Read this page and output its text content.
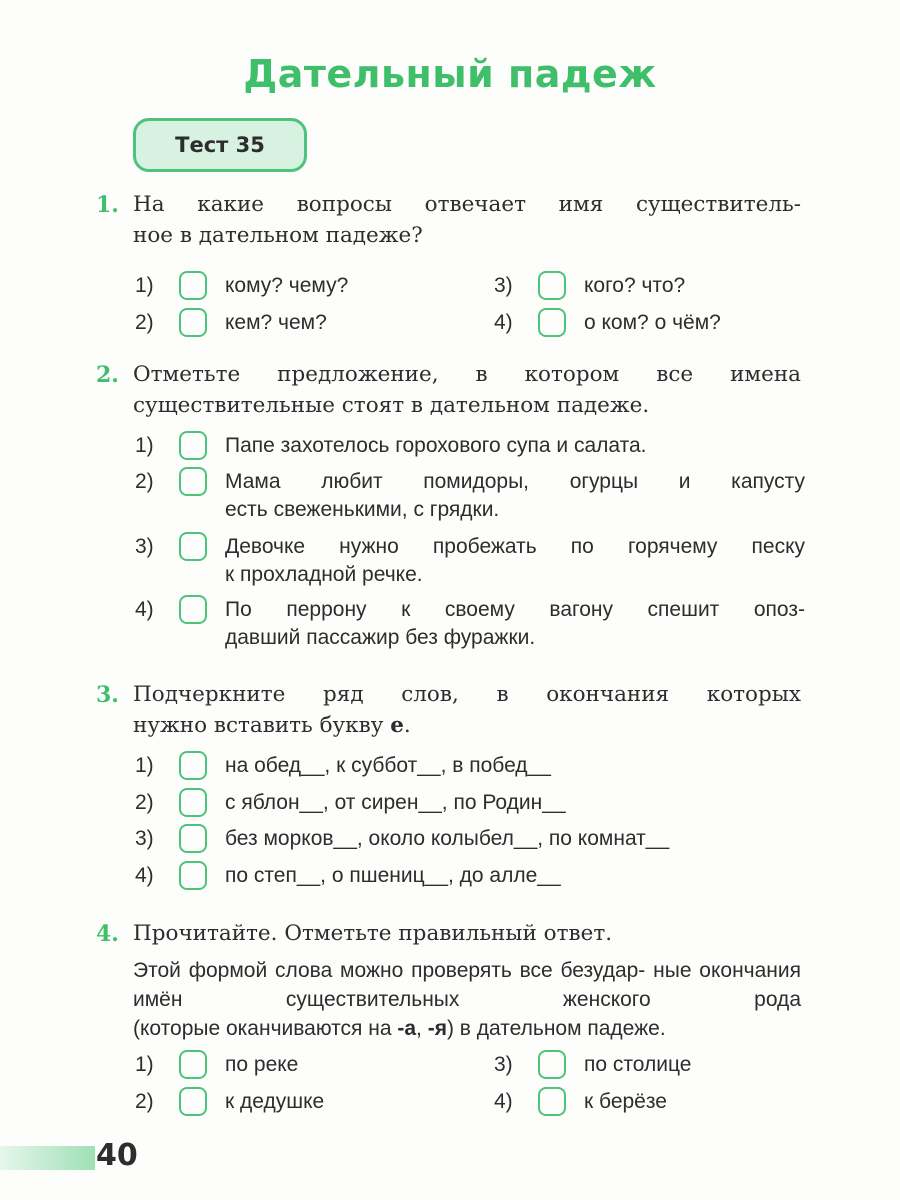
Дательный падеж
Тест 35
1. На какие вопросы отвечает имя существитель-
ное в дательном падеже?
1)	кому? чему?
2)	кем? чем?
3)	кого? что?
4)	о ком? о чём?
2. Отметьте предложение, в котором все имена
существительные стоят в дательном падеже.
1)	Папе захотелось горохового супа и салата.
2)	Мама любит помидоры, огурцы и капусту
есть свеженькими, с грядки.
3)	Девочке нужно пробежать по горячему песку
к прохладной речке.
4)	По перрону к своему вагону спешит опоз-
давший пассажир без фуражки.
3. Подчеркните ряд слов, в окончания которых
нужно вставить букву е.
1)	на обед__, к суббот__, в побед__
2)	с яблон__, от сирен__, по Родин__
3)	без морков__, около колыбел__, по комнат__
4)	по степ__, о пшениц__, до алле__
4. Прочитайте. Отметьте правильный ответ.
Этой формой слова можно проверять все безудар- ные окончания имён существительных женского рода
(которые оканчиваются на -а, -я) в дательном падеже.
1)	по реке
2)	к дедушке
3)	по столице
4)	к берёзе
40
